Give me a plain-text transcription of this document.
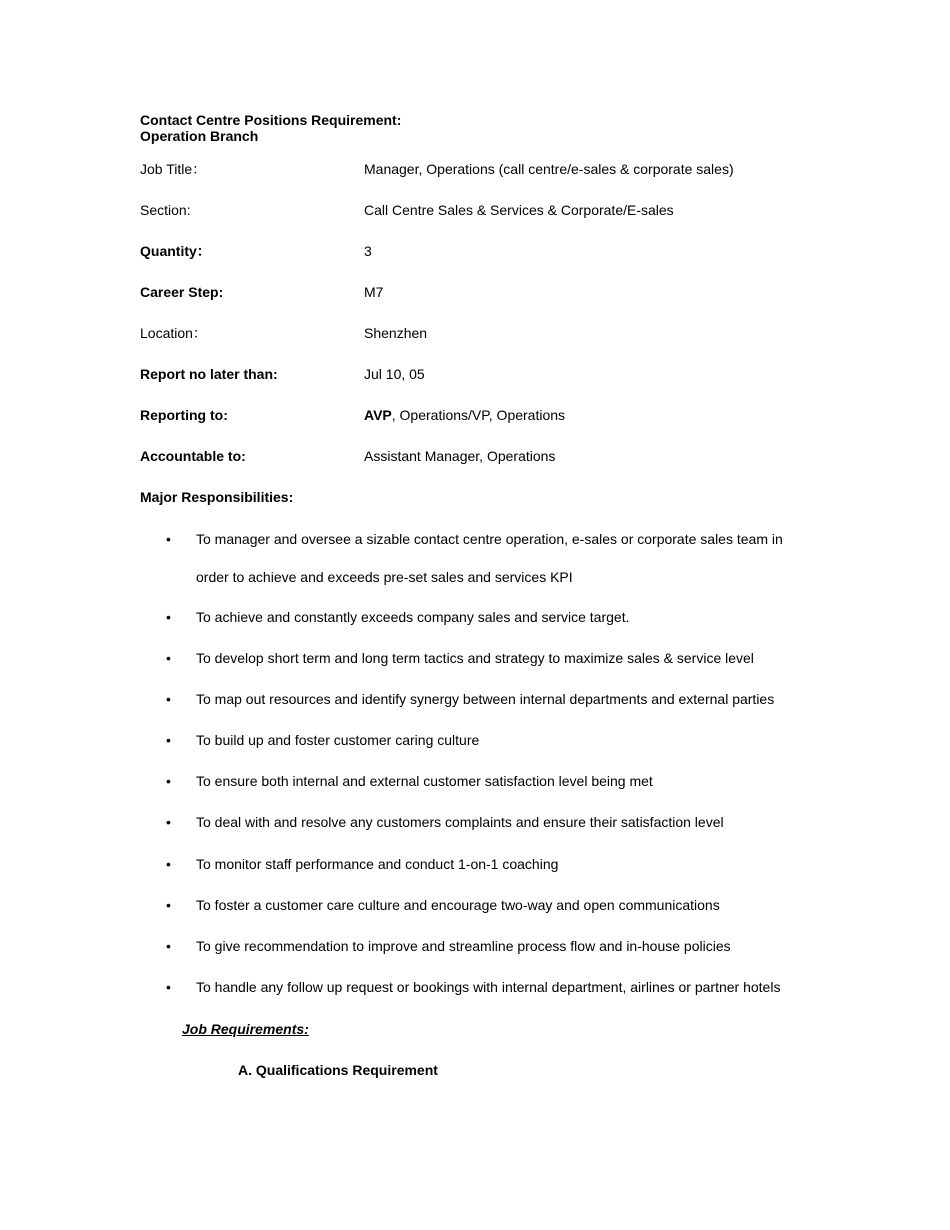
Contact Centre Positions Requirement:
Operation Branch
Job Title：	Manager, Operations (call centre/e-sales & corporate sales)
Section:	Call Centre Sales & Services & Corporate/E-sales
Quantity：	3
Career Step:	M7
Location：	Shenzhen
Report no later than:	Jul 10, 05
Reporting to:	AVP, Operations/VP, Operations
Accountable to:	Assistant Manager, Operations
Major Responsibilities:
•	To manager and oversee a sizable contact centre operation, e-sales or corporate sales team in order to achieve and exceeds pre-set sales and services KPI
•	To achieve and constantly exceeds company sales and service target.
•	To develop short term and long term tactics and strategy to maximize sales & service level
•	To map out resources and identify synergy between internal departments and external parties
•	To build up and foster customer caring culture
•	To ensure both internal and external customer satisfaction level being met
•	To deal with and resolve any customers complaints and ensure their satisfaction level
•	To monitor staff performance and conduct 1-on-1 coaching
•	To foster a customer care culture and encourage two-way and open communications
•	To give recommendation to improve and streamline process flow and in-house policies
•	To handle any follow up request or bookings with internal department, airlines or partner hotels
Job Requirements:
A. Qualifications Requirement
